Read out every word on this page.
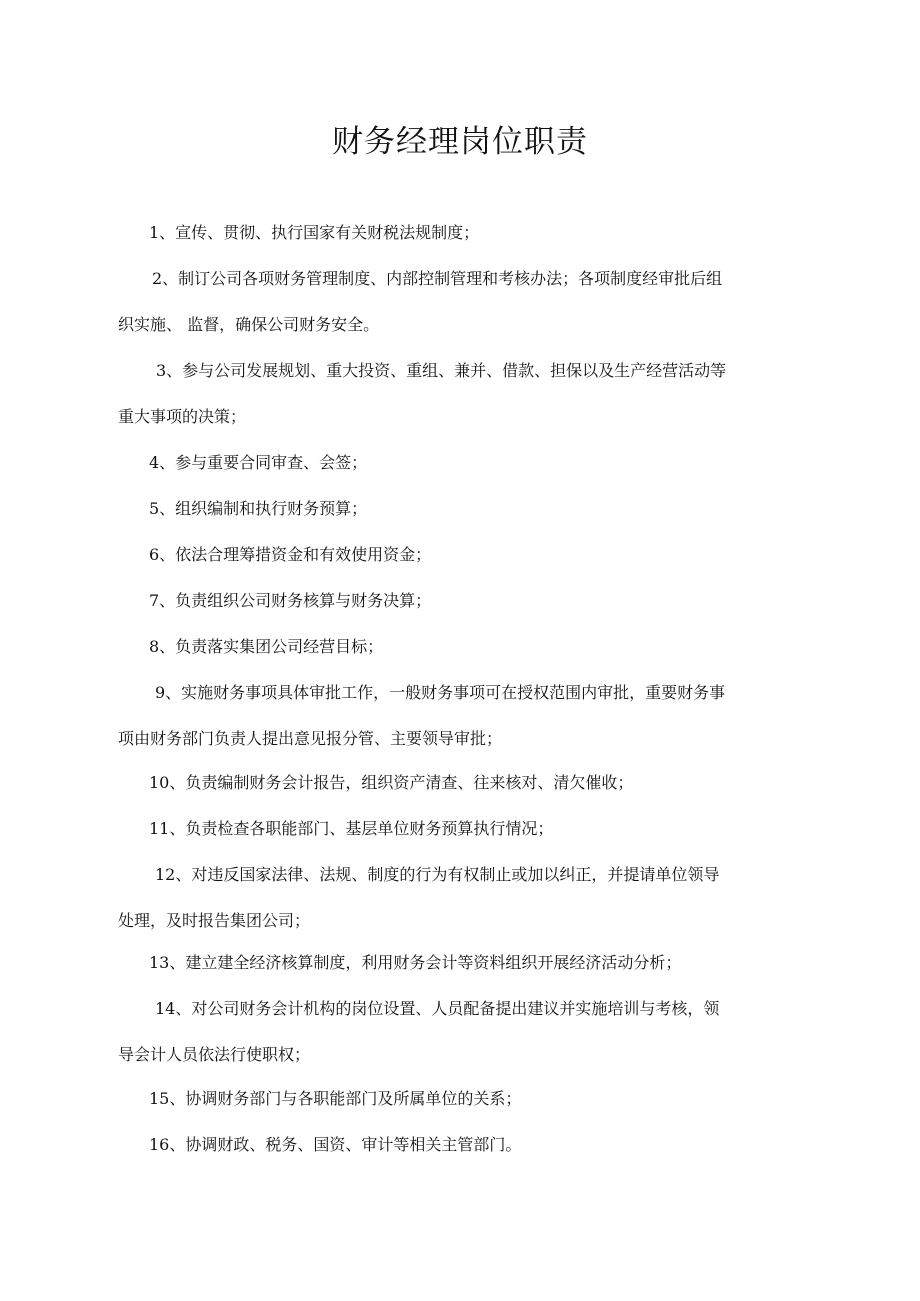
财务经理岗位职责

1、宣传、贯彻、执行国家有关财税法规制度；

2、制订公司各项财务管理制度、内部控制管理和考核办法；各项制度经审批后组
织实施、 监督，确保公司财务安全。

3、参与公司发展规划、重大投资、重组、兼并、借款、担保以及生产经营活动等
重大事项的决策；

4、参与重要合同审查、会签；

5、组织编制和执行财务预算；

6、依法合理筹措资金和有效使用资金；

7、负责组织公司财务核算与财务决算；

8、负责落实集团公司经营目标；

9、实施财务事项具体审批工作，一般财务事项可在授权范围内审批，重要财务事
项由财务部门负责人提出意见报分管、主要领导审批；

10、负责编制财务会计报告，组织资产清查、往来核对、清欠催收；

11、负责检查各职能部门、基层单位财务预算执行情况；

12、对违反国家法律、法规、制度的行为有权制止或加以纠正，并提请单位领导
处理，及时报告集团公司；

13、建立建全经济核算制度，利用财务会计等资料组织开展经济活动分析；

14、对公司财务会计机构的岗位设置、人员配备提出建议并实施培训与考核，领
导会计人员依法行使职权；

15、协调财务部门与各职能部门及所属单位的关系；

16、协调财政、税务、国资、审计等相关主管部门。
